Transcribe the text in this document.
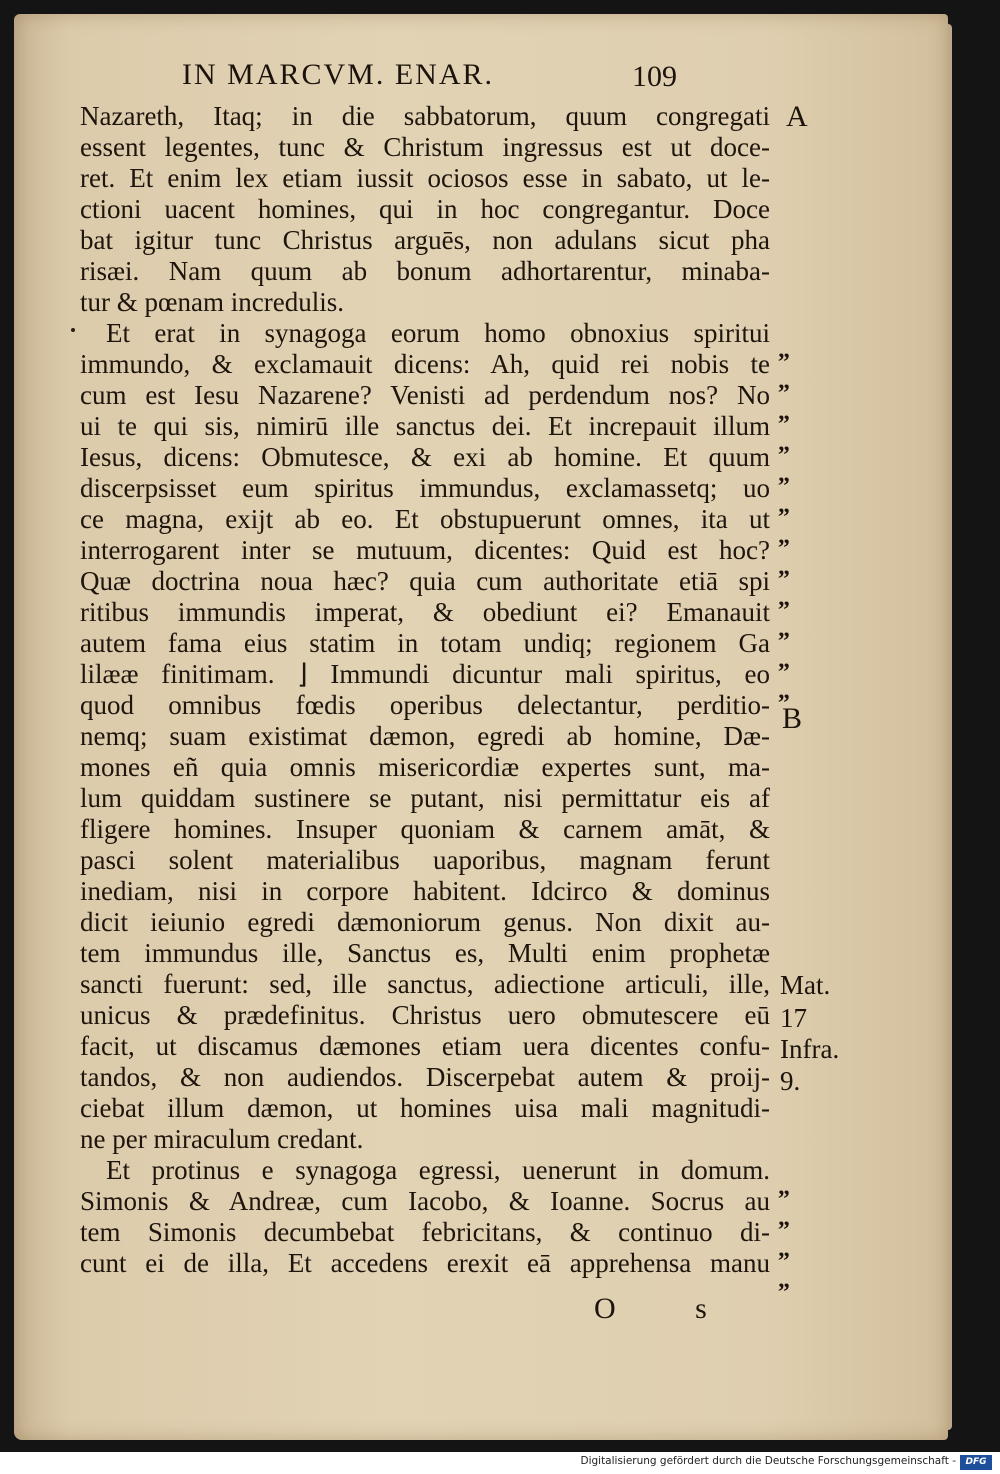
IN MARCVM. ENAR.	109
A
B
Nazareth, Itaq; in die sabbatorum, quum congregati
essent legentes, tunc & Christum ingressus est ut doce-
ret. Et enim lex etiam iussit ociosos esse in sabato, ut le-
ctioni uacent homines, qui in hoc congregantur. Doce
bat igitur tunc Christus arguēs, non adulans sicut pha
risæi. Nam quum ab bonum adhortarentur, minaba-
tur & pœnam incredulis.
Et erat in synagoga eorum homo obnoxius spiritui
immundo, & exclamauit dicens: Ah, quid rei nobis te
cum est Iesu Nazarene? Venisti ad perdendum nos? No
ui te qui sis, nimirū ille sanctus dei. Et increpauit illum
Iesus, dicens: Obmutesce, & exi ab homine. Et quum
discerpsisset eum spiritus immundus, exclamassetq; uo
ce magna, exijt ab eo. Et obstupuerunt omnes, ita ut
interrogarent inter se mutuum, dicentes: Quid est hoc?
Quæ doctrina noua hæc? quia cum authoritate etiā spi
ritibus immundis imperat, & obediunt ei? Emanauit
autem fama eius statim in totam undiq; regionem Ga
lilææ finitimam. ⌋ Immundi dicuntur mali spiritus, eo
quod omnibus fœdis operibus delectantur, perditio-
nemq; suam existimat dæmon, egredi ab homine, Dæ-
mones eñ quia omnis misericordiæ expertes sunt, ma-
lum quiddam sustinere se putant, nisi permittatur eis af
fligere homines. Insuper quoniam & carnem amāt, &
pasci solent materialibus uaporibus, magnam ferunt
inediam, nisi in corpore habitent. Idcirco & dominus
dicit ieiunio egredi dæmoniorum genus. Non dixit au-
tem immundus ille, Sanctus es, Multi enim prophetæ
sancti fuerunt: sed, ille sanctus, adiectione articuli, ille,
unicus & prædefinitus. Christus uero obmutescere eū
facit, ut discamus dæmones etiam uera dicentes confu-
tandos, & non audiendos. Discerpebat autem & proij-
ciebat illum dæmon, ut homines uisa mali magnitudi-
ne per miraculum credant.
Et protinus e synagoga egressi, uenerunt in domum.
Simonis & Andreæ, cum Iacobo, & Ioanne. Socrus au
tem Simonis decumbebat febricitans, & continuo di-
cunt ei de illa, Et accedens erexit eā apprehensa manu
„
„
„
„
„
„
„
„
„
„
„
„
„
„
„
„
Mat.
17
Infra.
9.
O s
Digitalisierung gefördert durch die Deutsche Forschungsgemeinschaft -	DFG
